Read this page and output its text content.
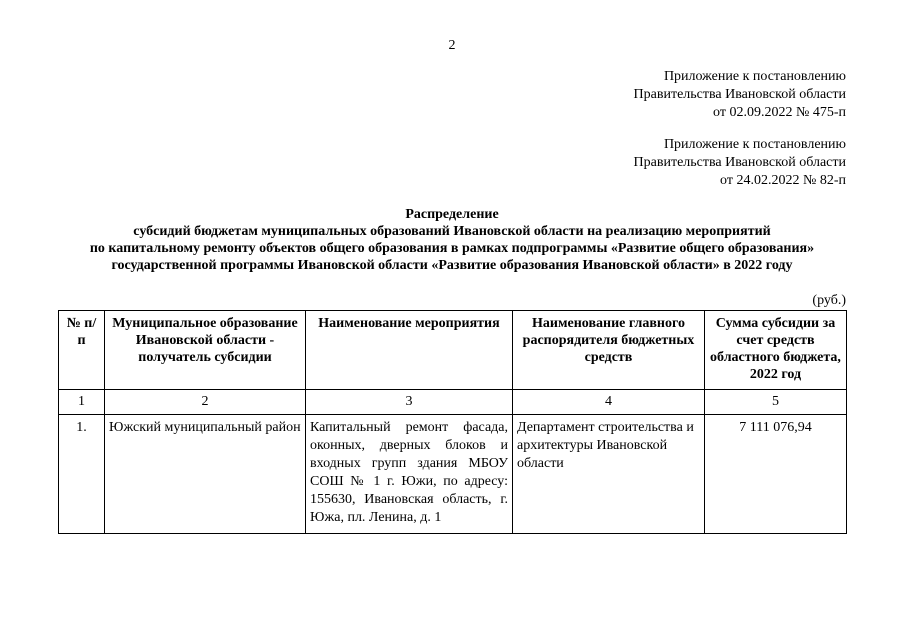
2
Приложение к постановлению
Правительства Ивановской области
от 02.09.2022 № 475-п
Приложение к постановлению
Правительства Ивановской области
от 24.02.2022 № 82-п
Распределение
субсидий бюджетам муниципальных образований Ивановской области на реализацию мероприятий
по капитальному ремонту объектов общего образования в рамках подпрограммы «Развитие общего образования»
государственной программы Ивановской области «Развитие образования Ивановской области» в 2022 году
(руб.)
№ п/п	Муниципальное образование Ивановской области - получатель субсидии	Наименование мероприятия	Наименование главного распорядителя бюджетных средств	Сумма субсидии за счет средств областного бюджета, 2022 год
1	2	3	4	5
1.	Южский муниципальный район	Капитальный ремонт фасада, оконных, дверных блоков и входных групп здания МБОУ СОШ № 1 г. Южи, по адресу: 155630, Ивановская область, г. Южа, пл. Ленина, д. 1	Департамент строительства и архитектуры Ивановской области	7 111 076,94
